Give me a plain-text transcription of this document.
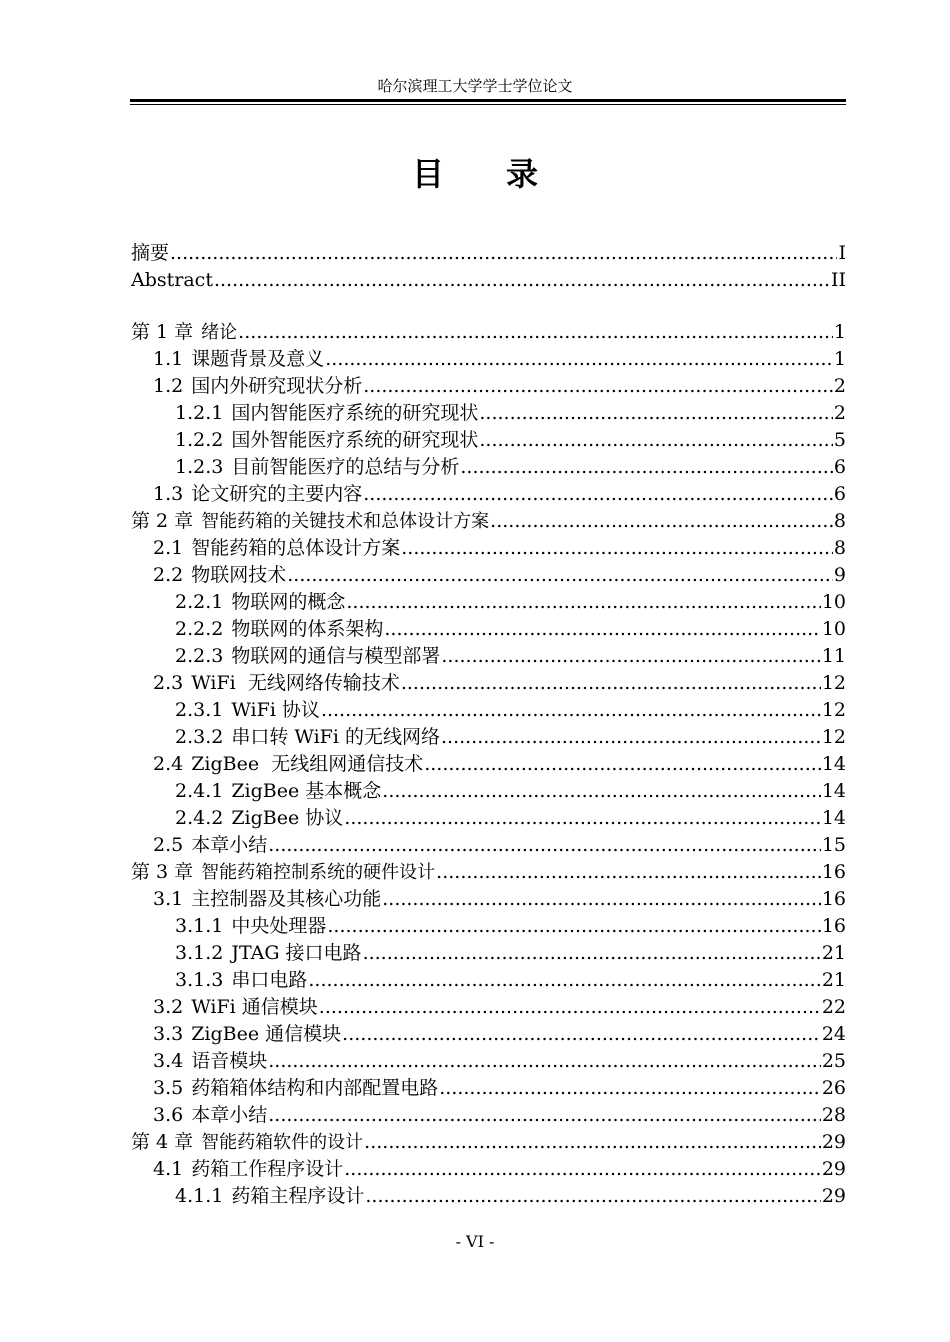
哈尔滨理工大学学士学位论文
目录
摘要 .....	I
Abstract .....	II
第 1 章 绪论 .....	1
1.1 课题背景及意义 .....	1
1.2 国内外研究现状分析 .....	2
1.2.1 国内智能医疗系统的研究现状 .....	2
1.2.2 国外智能医疗系统的研究现状 .....	5
1.2.3 目前智能医疗的总结与分析 .....	6
1.3 论文研究的主要内容 .....	6
第 2 章 智能药箱的关键技术和总体设计方案 .....	8
2.1 智能药箱的总体设计方案 .....	8
2.2 物联网技术 .....	9
2.2.1 物联网的概念 .....	10
2.2.2 物联网的体系架构 .....	10
2.2.3 物联网的通信与模型部署 .....	11
2.3 WiFi  无线网络传输技术 .....	12
2.3.1 WiFi 协议 .....	12
2.3.2 串口转 WiFi 的无线网络 .....	12
2.4 ZigBee  无线组网通信技术 .....	14
2.4.1 ZigBee 基本概念 .....	14
2.4.2 ZigBee 协议 .....	14
2.5 本章小结 .....	15
第 3 章 智能药箱控制系统的硬件设计 .....	16
3.1 主控制器及其核心功能 .....	16
3.1.1 中央处理器 .....	16
3.1.2 JTAG 接口电路 .....	21
3.1.3 串口电路 .....	21
3.2 WiFi 通信模块 .....	22
3.3 ZigBee 通信模块 .....	24
3.4 语音模块 .....	25
3.5 药箱箱体结构和内部配置电路 .....	26
3.6 本章小结 .....	28
第 4 章 智能药箱软件的设计 .....	29
4.1 药箱工作程序设计 .....	29
4.1.1 药箱主程序设计 .....	29
- VI -
